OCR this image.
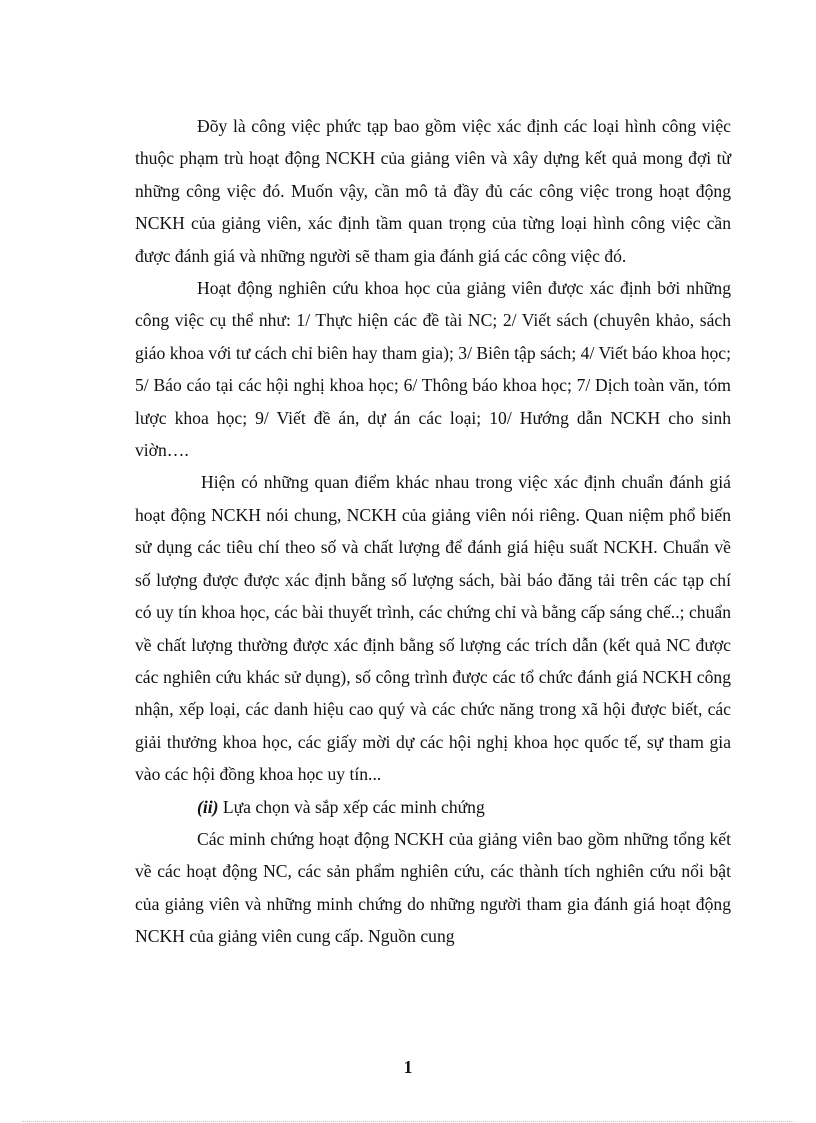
Đõy là công việc phức tạp bao gồm việc xác định các loại hình công việc thuộc phạm trù hoạt động NCKH của giảng viên và xây dựng kết quả mong đợi từ những công việc đó. Muốn vậy, cần mô tả đầy đủ các công việc trong hoạt động NCKH của giảng viên, xác định tầm quan trọng của từng loại hình công việc cần được đánh giá và những người sẽ tham gia đánh giá các công việc đó.

Hoạt động nghiên cứu khoa học của giảng viên được xác định bởi những công việc cụ thể như: 1/ Thực hiện các đề tài NC; 2/ Viết sách (chuyên khảo, sách giáo khoa với tư cách chỉ biên hay tham gia); 3/ Biên tập sách; 4/ Viết báo khoa học; 5/ Báo cáo tại các hội nghị khoa học; 6/ Thông báo khoa học; 7/ Dịch toàn văn, tóm lược khoa học; 9/ Viết đề án, dự án các loại; 10/ Hướng dẫn NCKH cho sinh viờn….

Hiện có những quan điểm khác nhau trong việc xác định chuẩn đánh giá hoạt động NCKH nói chung, NCKH của giảng viên nói riêng. Quan niệm phổ biến sử dụng các tiêu chí theo số và chất lượng để đánh giá hiệu suất NCKH. Chuẩn về số lượng được được xác định bằng số lượng sách, bài báo đăng tải trên các tạp chí có uy tín khoa học, các bài thuyết trình, các chứng chỉ và bằng cấp sáng chế..; chuẩn về chất lượng thường được xác định bằng số lượng các trích dẫn (kết quả NC được các nghiên cứu khác sử dụng), số công trình được các tổ chức đánh giá NCKH công nhận, xếp loại, các danh hiệu cao quý và các chức năng trong xã hội được biết, các giải thưởng khoa học, các giấy mời dự các hội nghị khoa học quốc tế, sự tham gia vào các hội đồng khoa học uy tín...

(ii) Lựa chọn và sắp xếp các minh chứng

Các minh chứng hoạt động NCKH của giảng viên bao gồm những tổng kết về các hoạt động NC, các sản phẩm nghiên cứu, các thành tích nghiên cứu nổi bật của giảng viên và những minh chứng do những người tham gia đánh giá hoạt động NCKH của giảng viên cung cấp. Nguồn cung

1
